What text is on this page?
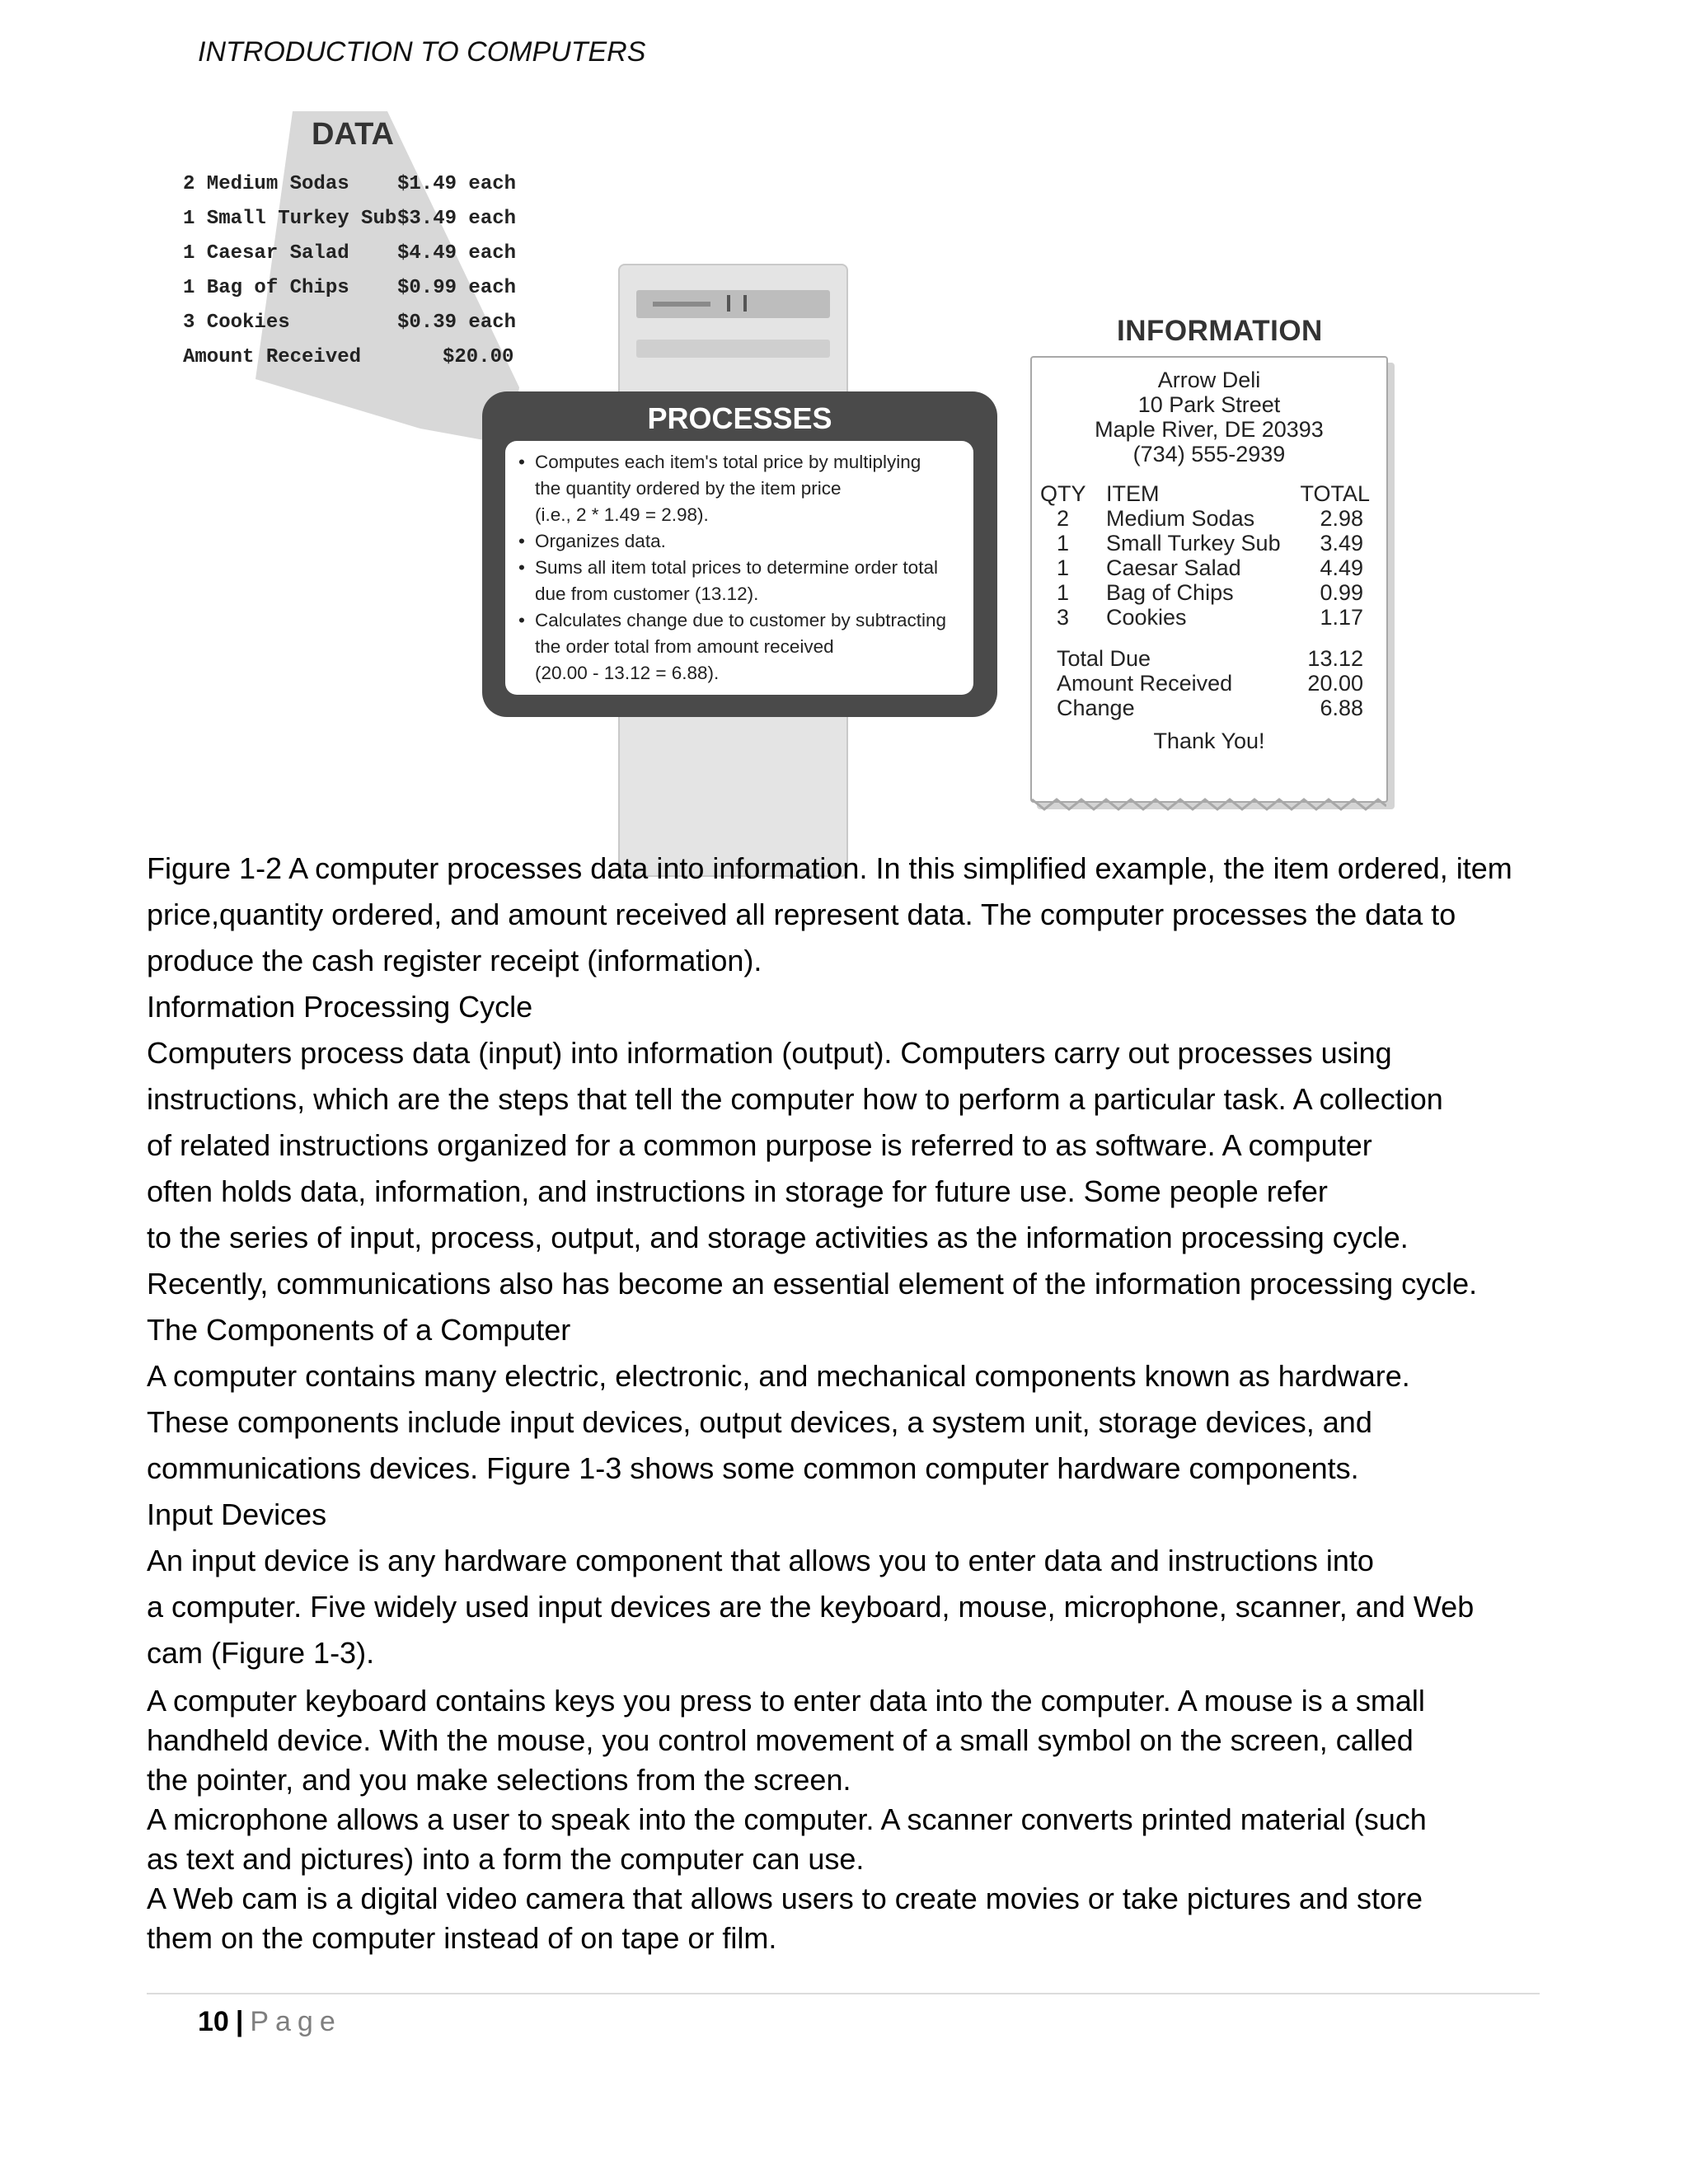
INTRODUCTION TO COMPUTERS
DATA
2 Medium Sodas $1.49 each
1 Small Turkey Sub $3.49 each
1 Caesar Salad $4.49 each
1 Bag of Chips $0.99 each
3 Cookies	$0.39 each
Amount Received	$20.00
PROCESSES
• Computes each item's total price by multiplying
the quantity ordered by the item price
(i.e., 2 * 1.49 = 2.98).
• Organizes data.
• Sums all item total prices to determine order total
due from customer (13.12).
• Calculates change due to customer by subtracting
the order total from amount received
(20.00 - 13.12 = 6.88).
INFORMATION
Arrow Deli
10 Park Street
Maple River, DE 20393
(734) 555-2939
QTY ITEM	TOTAL
2 Medium Sodas	2.98
1 Small Turkey Sub 3.49
1 Caesar Salad	4.49
1 Bag of Chips	0.99
3 Cookies	1.17
Total Due	13.12
Amount Received	20.00
Change	6.88
Thank You!
Figure 1-2 A computer processes data into information. In this simplified example, the item ordered, item
price,quantity ordered, and amount received all represent data. The computer processes the data to
produce the cash register receipt (information).
Information Processing Cycle
Computers process data (input) into information (output). Computers carry out processes using
instructions, which are the steps that tell the computer how to perform a particular task. A collection
of related instructions organized for a common purpose is referred to as software. A computer
often holds data, information, and instructions in storage for future use. Some people refer
to the series of input, process, output, and storage activities as the information processing cycle.
Recently, communications also has become an essential element of the information processing cycle.
The Components of a Computer
A computer contains many electric, electronic, and mechanical components known as hardware.
These components include input devices, output devices, a system unit, storage devices, and
communications devices. Figure 1-3 shows some common computer hardware components.
Input Devices
An input device is any hardware component that allows you to enter data and instructions into
a computer. Five widely used input devices are the keyboard, mouse, microphone, scanner, and Web
cam (Figure 1-3).
A computer keyboard contains keys you press to enter data into the computer. A mouse is a small
handheld device. With the mouse, you control movement of a small symbol on the screen, called
the pointer, and you make selections from the screen.
A microphone allows a user to speak into the computer. A scanner converts printed material (such
as text and pictures) into a form the computer can use.
A Web cam is a digital video camera that allows users to create movies or take pictures and store
them on the computer instead of on tape or film.
10 | Page
